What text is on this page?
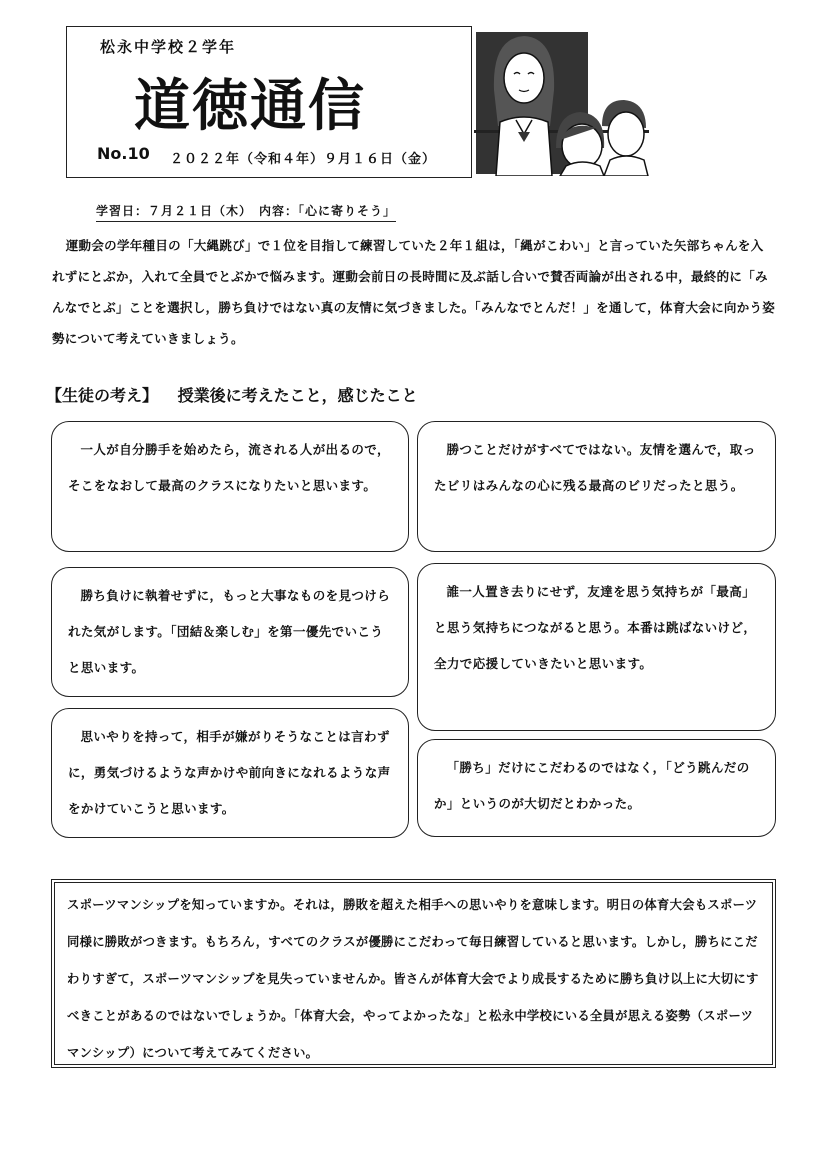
松永中学校２学年
道徳通信
No.10 ２０２２年（令和４年）９月１６日（金）
学習日：７月２１日（木）　内容：「心に寄りそう」

運動会の学年種目の「大縄跳び」で１位を目指して練習していた２年１組は，「縄がこわい」と言っていた矢部ちゃんを入れずにとぶか，入れて全員でとぶかで悩みます。運動会前日の長時間に及ぶ話し合いで賛否両論が出される中，最終的に「みんなでとぶ」ことを選択し，勝ち負けではない真の友情に気づきました。「みんなでとんだ！」を通して，体育大会に向かう姿勢について考えていきましょう。

【生徒の考え】 授業後に考えたこと，感じたこと

一人が自分勝手を始めたら，流される人が出るので，そこをなおして最高のクラスになりたいと思います。

勝つことだけがすべてではない。友情を選んで，取ったビリはみんなの心に残る最高のビリだったと思う。

勝ち負けに執着せずに，もっと大事なものを見つけられた気がします。「団結＆楽しむ」を第一優先でいこうと思います。

誰一人置き去りにせず，友達を思う気持ちが「最高」と思う気持ちにつながると思う。本番は跳ばないけど，全力で応援していきたいと思います。

思いやりを持って，相手が嫌がりそうなことは言わずに，勇気づけるような声かけや前向きになれるような声をかけていこうと思います。

「勝ち」だけにこだわるのではなく，「どう跳んだのか」というのが大切だとわかった。

スポーツマンシップを知っていますか。それは，勝敗を超えた相手への思いやりを意味します。明日の体育大会もスポーツ同様に勝敗がつきます。もちろん，すべてのクラスが優勝にこだわって毎日練習していると思います。しかし，勝ちにこだわりすぎて，スポーツマンシップを見失っていませんか。皆さんが体育大会でより成長するために勝ち負け以上に大切にすべきことがあるのではないでしょうか。「体育大会，やってよかったな」と松永中学校にいる全員が思える姿勢（スポーツマンシップ）について考えてみてください。
